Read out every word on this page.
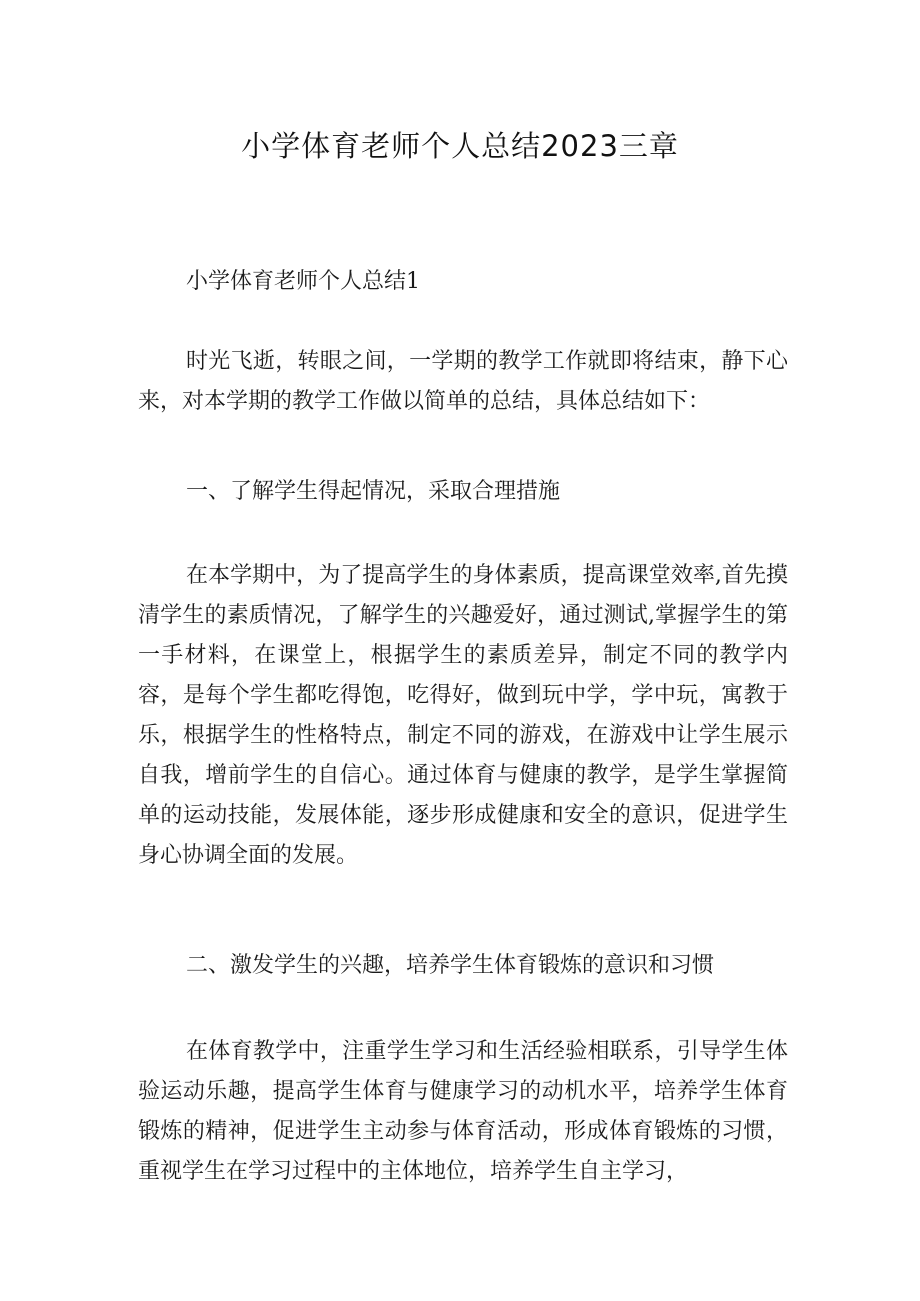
小学体育老师个人总结2023三章

小学体育老师个人总结1

时光飞逝，转眼之间，一学期的教学工作就即将结束，静下心来，对本学期的教学工作做以简单的总结，具体总结如下：

一、了解学生得起情况，采取合理措施

在本学期中，为了提高学生的身体素质，提高课堂效率,首先摸清学生的素质情况，了解学生的兴趣爱好，通过测试,掌握学生的第一手材料，在课堂上，根据学生的素质差异，制定不同的教学内容，是每个学生都吃得饱，吃得好，做到玩中学，学中玩，寓教于乐，根据学生的性格特点，制定不同的游戏，在游戏中让学生展示自我，增前学生的自信心。通过体育与健康的教学，是学生掌握简单的运动技能，发展体能，逐步形成健康和安全的意识，促进学生身心协调全面的发展。

二、激发学生的兴趣，培养学生体育锻炼的意识和习惯

在体育教学中，注重学生学习和生活经验相联系，引导学生体验运动乐趣，提高学生体育与健康学习的动机水平，培养学生体育锻炼的精神，促进学生主动参与体育活动，形成体育锻炼的习惯，重视学生在学习过程中的主体地位，培养学生自主学习，
